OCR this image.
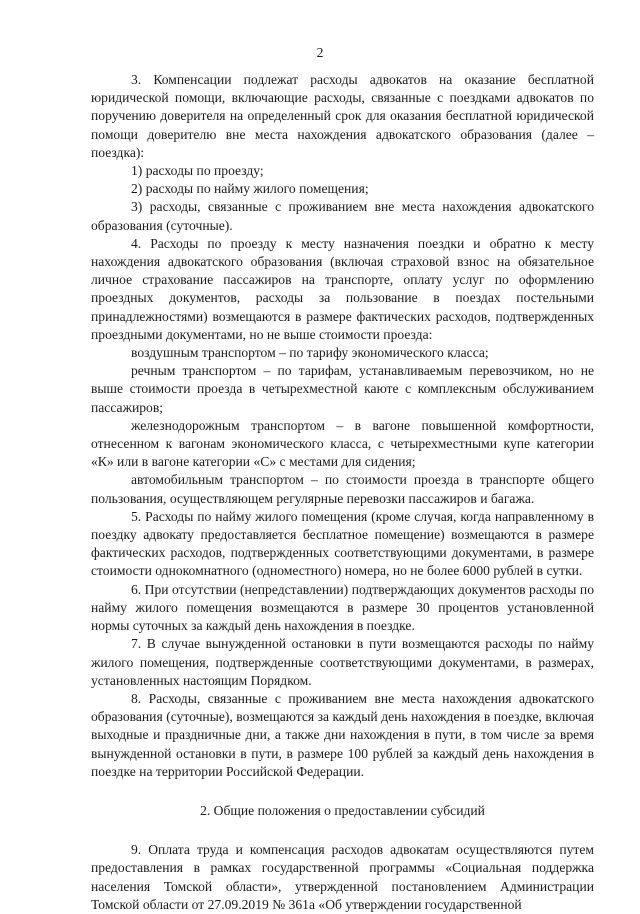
2

3. Компенсации подлежат расходы адвокатов на оказание бесплатной юридической помощи, включающие расходы, связанные с поездками адвокатов по поручению доверителя на определенный срок для оказания бесплатной юридической помощи доверителю вне места нахождения адвокатского образования (далее – поездка):

1) расходы по проезду;

2) расходы по найму жилого помещения;

3) расходы, связанные с проживанием вне места нахождения адвокатского образования (суточные).

4. Расходы по проезду к месту назначения поездки и обратно к месту нахождения адвокатского образования (включая страховой взнос на обязательное личное страхование пассажиров на транспорте, оплату услуг по оформлению проездных документов, расходы за пользование в поездах постельными принадлежностями) возмещаются в размере фактических расходов, подтвержденных проездными документами, но не выше стоимости проезда:

воздушным транспортом – по тарифу экономического класса;

речным транспортом – по тарифам, устанавливаемым перевозчиком, но не выше стоимости проезда в четырехместной каюте с комплексным обслуживанием пассажиров;

железнодорожным транспортом – в вагоне повышенной комфортности, отнесенном к вагонам экономического класса, с четырехместными купе категории «К» или в вагоне категории «С» с местами для сидения;

автомобильным транспортом – по стоимости проезда в транспорте общего пользования, осуществляющем регулярные перевозки пассажиров и багажа.

5. Расходы по найму жилого помещения (кроме случая, когда направленному в поездку адвокату предоставляется бесплатное помещение) возмещаются в размере фактических расходов, подтвержденных соответствующими документами, в размере стоимости однокомнатного (одноместного) номера, но не более 6000 рублей в сутки.

6. При отсутствии (непредставлении) подтверждающих документов расходы по найму жилого помещения возмещаются в размере 30 процентов установленной нормы суточных за каждый день нахождения в поездке.

7. В случае вынужденной остановки в пути возмещаются расходы по найму жилого помещения, подтвержденные соответствующими документами, в размерах, установленных настоящим Порядком.

8. Расходы, связанные с проживанием вне места нахождения адвокатского образования (суточные), возмещаются за каждый день нахождения в поездке, включая выходные и праздничные дни, а также дни нахождения в пути, в том числе за время вынужденной остановки в пути, в размере 100 рублей за каждый день нахождения в поездке на территории Российской Федерации.

2. Общие положения о предоставлении субсидий

9. Оплата труда и компенсация расходов адвокатам осуществляются путем предоставления в рамках государственной программы «Социальная поддержка населения Томской области», утвержденной постановлением Администрации Томской области от 27.09.2019 № 361а «Об утверждении государственной
